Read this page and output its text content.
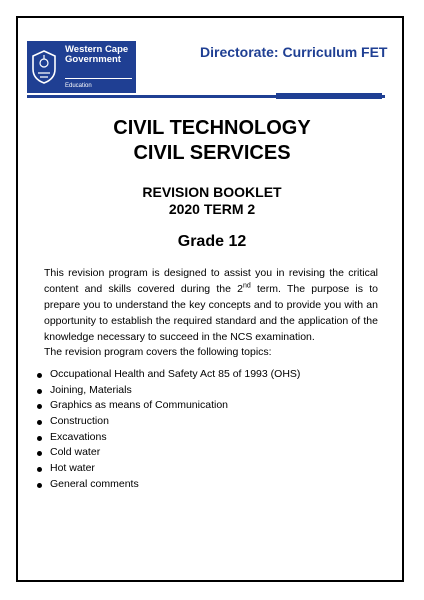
Western Cape
Government
Education
Directorate: Curriculum FET
CIVIL TECHNOLOGY
CIVIL SERVICES
REVISION BOOKLET
2020 TERM 2
Grade 12
This revision program is designed to assist you in revising the critical content and skills covered during the 2nd term. The purpose is to prepare you to understand the key concepts and to provide you with an opportunity to establish the required standard and the application of the knowledge necessary to succeed in the NCS examination.
The revision program covers the following topics:
Occupational Health and Safety Act 85 of 1993 (OHS)
Joining, Materials
Graphics as means of Communication
Construction
Excavations
Cold water
Hot water
General comments
